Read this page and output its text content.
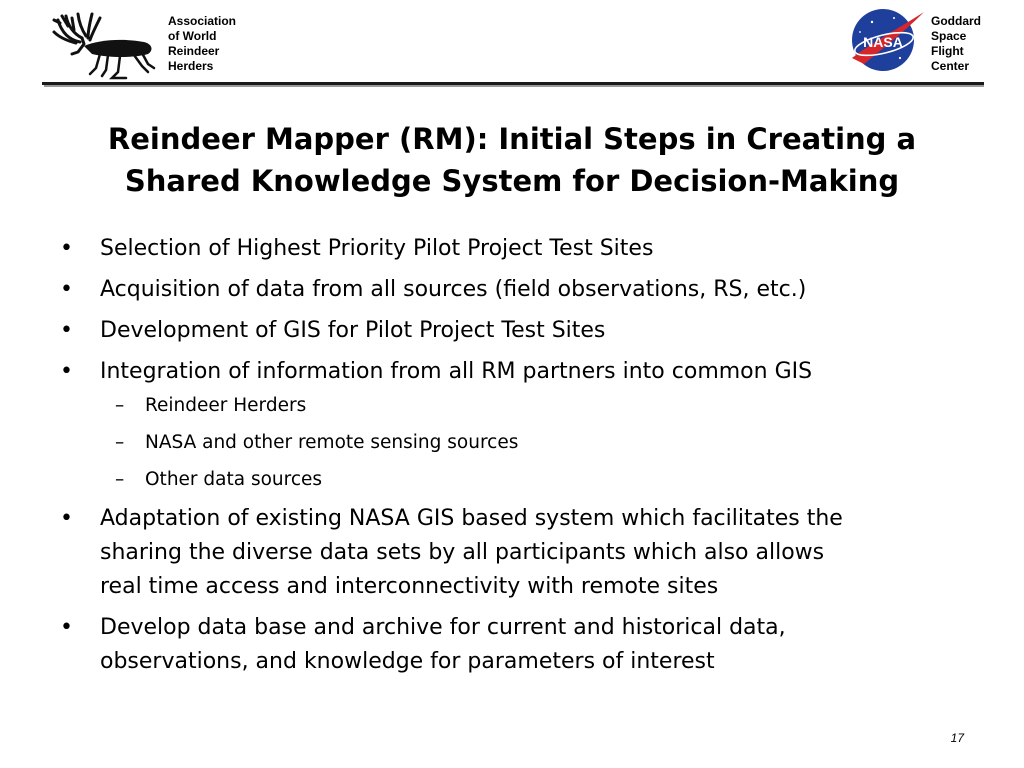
Association
of World
Reindeer
Herders
NASA
Goddard
Space
Flight
Center
Reindeer Mapper (RM): Initial Steps in Creating a
Shared Knowledge System for Decision-Making
• Selection of Highest Priority Pilot Project Test Sites
• Acquisition of data from all sources (field observations, RS, etc.)
• Development of GIS for Pilot Project Test Sites
• Integration of information from all RM partners into common GIS
– Reindeer Herders
– NASA and other remote sensing sources
– Other data sources
• Adaptation of existing NASA GIS based system which facilitates the
sharing the diverse data sets by all participants which also allows
real time access and interconnectivity with remote sites
• Develop data base and archive for current and historical data,
observations, and knowledge for parameters of interest
17
